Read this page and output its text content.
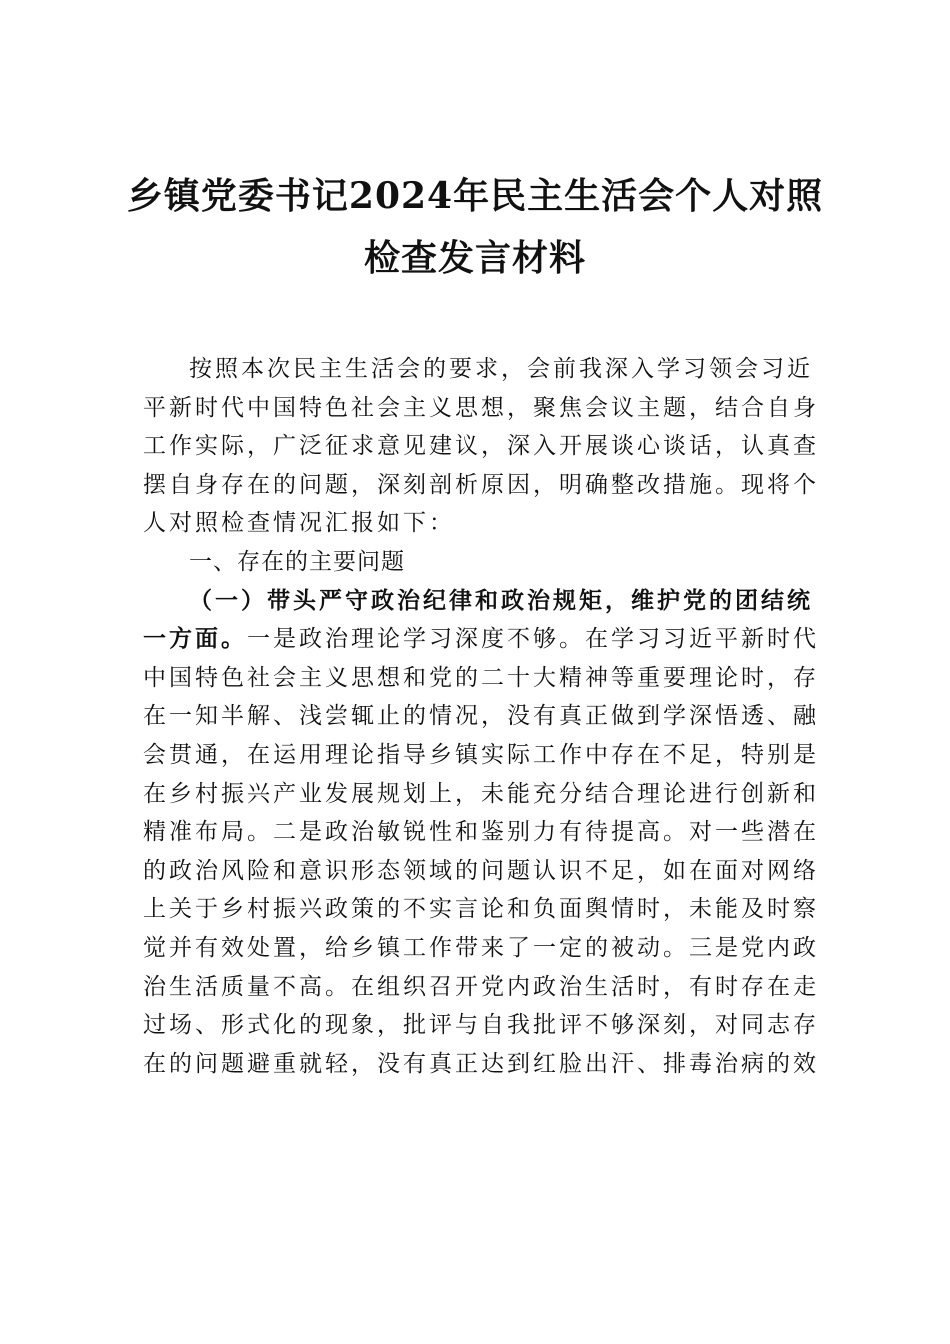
乡镇党委书记2024年民主生活会个人对照
检查发言材料
按照本次民主生活会的要求，会前我深入学习领会习近
平新时代中国特色社会主义思想，聚焦会议主题，结合自身
工作实际，广泛征求意见建议，深入开展谈心谈话，认真查
摆自身存在的问题，深刻剖析原因，明确整改措施。现将个
人对照检查情况汇报如下：
一、存在的主要问题
（一）带头严守政治纪律和政治规矩，维护党的团结统
一方面。一是政治理论学习深度不够。在学习习近平新时代
中国特色社会主义思想和党的二十大精神等重要理论时，存
在一知半解、浅尝辄止的情况，没有真正做到学深悟透、融
会贯通，在运用理论指导乡镇实际工作中存在不足，特别是
在乡村振兴产业发展规划上，未能充分结合理论进行创新和
精准布局。二是政治敏锐性和鉴别力有待提高。对一些潜在
的政治风险和意识形态领域的问题认识不足，如在面对网络
上关于乡村振兴政策的不实言论和负面舆情时，未能及时察
觉并有效处置，给乡镇工作带来了一定的被动。三是党内政
治生活质量不高。在组织召开党内政治生活时，有时存在走
过场、形式化的现象，批评与自我批评不够深刻，对同志存
在的问题避重就轻，没有真正达到红脸出汗、排毒治病的效
